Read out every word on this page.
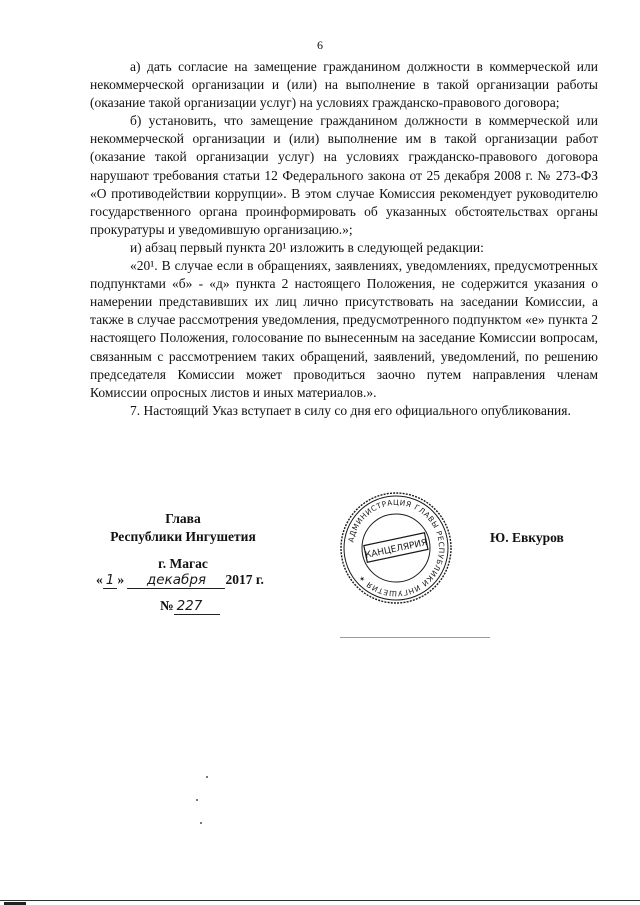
6

а) дать согласие на замещение гражданином должности в коммерческой или некоммерческой организации и (или) на выполнение в такой организации работы (оказание такой организации услуг) на условиях гражданско-правового договора;

б) установить, что замещение гражданином должности в коммерческой или некоммерческой организации и (или) выполнение им в такой организации работ (оказание такой организации услуг) на условиях гражданско-правового договора нарушают требования статьи 12 Федерального закона от 25 декабря 2008 г. № 273-ФЗ «О противодействии коррупции». В этом случае Комиссия рекомендует руководителю государственного органа проинформировать об указанных обстоятельствах органы прокуратуры и уведомившую организацию.»;

и) абзац первый пункта 20¹ изложить в следующей редакции:

«20¹. В случае если в обращениях, заявлениях, уведомлениях, предусмотренных подпунктами «б» - «д» пункта 2 настоящего Положения, не содержится указания о намерении представивших их лиц лично присутствовать на заседании Комиссии, а также в случае рассмотрения уведомления, предусмотренного подпунктом «е» пункта 2 настоящего Положения, голосование по вынесенным на заседание Комиссии вопросам, связанным с рассмотрением таких обращений, заявлений, уведомлений, по решению председателя Комиссии может проводиться заочно путем направления членам Комиссии опросных листов и иных материалов.».

7. Настоящий Указ вступает в силу со дня его официального опубликования.

Глава
Республики Ингушетия
г. Магас
« 1 » декабря 2017 г.
№ 227
Ю. Евкуров
АДМИНИСТРАЦИЯ ГЛАВЫ РЕСПУБЛИКИ ИНГУШЕТИЯ ✶
КАНЦЕЛЯРИЯ
